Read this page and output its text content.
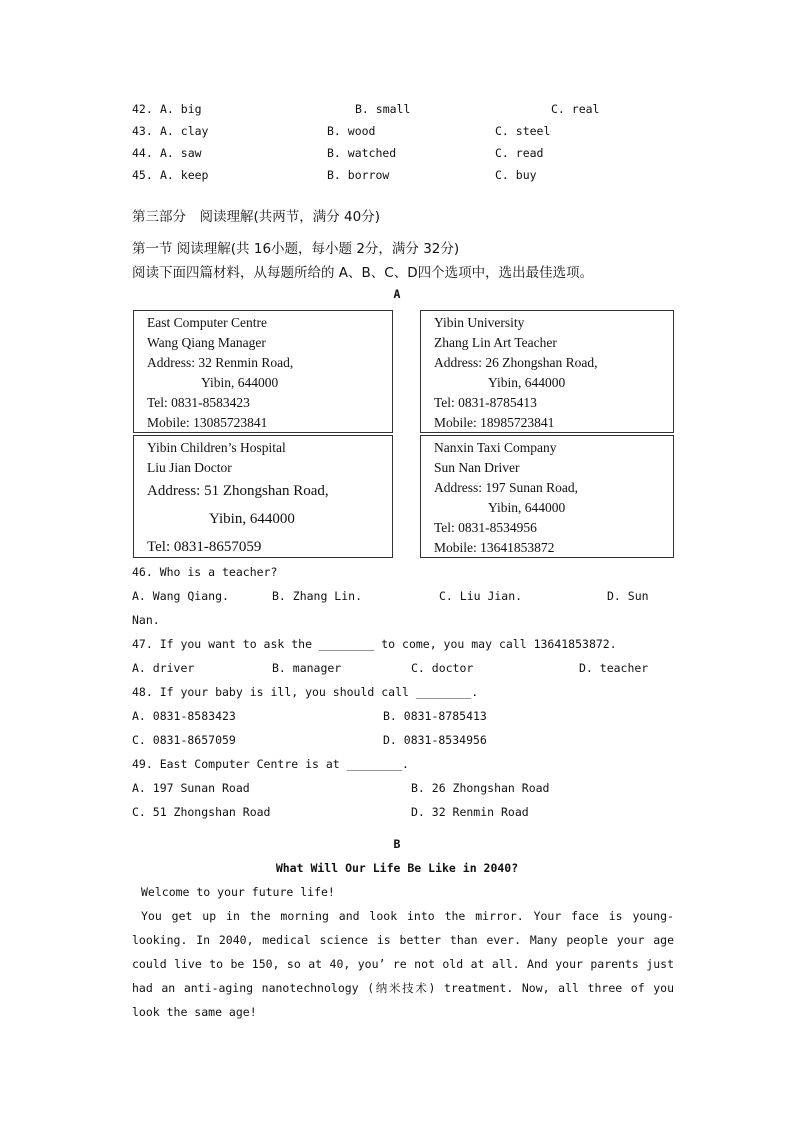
42. A. big	B. small	C. real
43. A. clay	B. wood	C. steel
44. A. saw	B. watched	C. read
45. A. keep	B. borrow	C. buy
第三部分　阅读理解(共两节，满分 40分)
第一节 阅读理解(共 16小题，每小题 2分，满分 32分)
阅读下面四篇材料，从每题所给的 A、B、C、D四个选项中，选出最佳选项。
A
East Computer Centre
Wang Qiang Manager
Address: 32 Renmin Road,
Yibin, 644000
Tel: 0831-8583423
Mobile: 13085723841
Yibin University
Zhang Lin Art Teacher
Address: 26 Zhongshan Road,
Yibin, 644000
Tel: 0831-8785413
Mobile: 18985723841
Yibin Children’s Hospital
Liu Jian Doctor
Address: 51 Zhongshan Road,
Yibin, 644000
Tel: 0831-8657059
Nanxin Taxi Company
Sun Nan Driver
Address: 197 Sunan Road,
Yibin, 644000
Tel: 0831-8534956
Mobile: 13641853872
46. Who is a teacher?
A. Wang Qiang.	B. Zhang Lin.	C. Liu Jian.	D. Sun
Nan.
47. If you want to ask the ________ to come, you may call 13641853872.
A. driver	B. manager	C. doctor	D. teacher
48. If your baby is ill, you should call ________.
A. 0831-8583423	B. 0831-8785413
C. 0831-8657059	D. 0831-8534956
49. East Computer Centre is at ________.
A. 197 Sunan Road	B. 26 Zhongshan Road
C. 51 Zhongshan Road	D. 32 Renmin Road
B
What Will Our Life Be Like in 2040?
Welcome to your future life!
You get up in the morning and look into the mirror. Your face is young-looking. In 2040, medical science is better than ever. Many people your age could live to be 150, so at 40, you’ re not old at all. And your parents just had an anti-aging nanotechnology (纳米技术) treatment. Now, all three of you look the same age!
